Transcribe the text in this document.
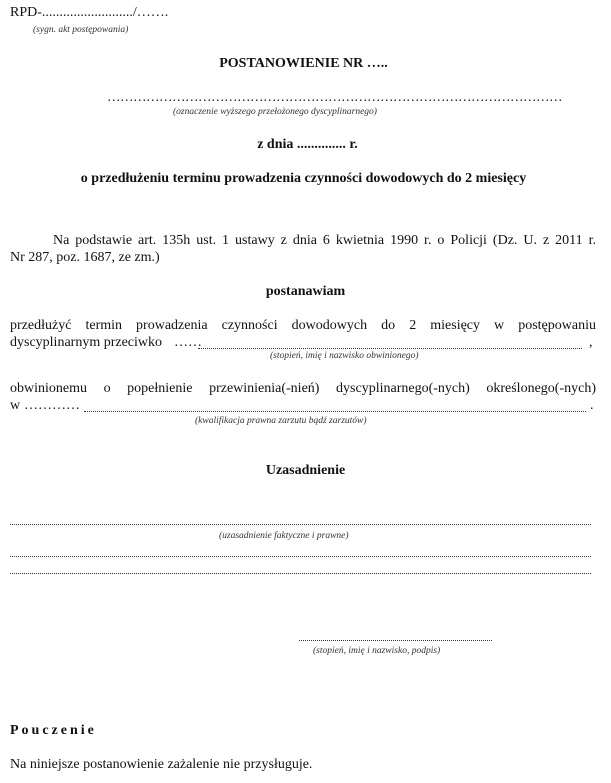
RPD-........................../…….
(sygn. akt postępowania)
POSTANOWIENIE NR …..
……………………………………………………………………………………………
(oznaczenie wyższego przełożonego dyscyplinarnego)
z dnia .............. r.
o przedłużeniu terminu prowadzenia czynności dowodowych do 2 miesięcy
Na podstawie art. 135h ust. 1 ustawy z dnia 6 kwietnia 1990 r. o Policji (Dz. U. z 2011 r.
Nr 287, poz. 1687, ze zm.)
postanawiam
przedłużyć termin prowadzenia czynności dowodowych do 2 miesięcy w postępowaniu
dyscyplinarnym przeciwko ……	,
(stopień, imię i nazwisko obwinionego)
obwinionemu o popełnienie przewinienia(-nień) dyscyplinarnego(-nych) określonego(-nych)
w …………	.
(kwalifikacja prawna zarzutu bądź zarzutów)
Uzasadnienie
(uzasadnienie faktyczne i prawne)
(stopień, imię i nazwisko, podpis)
Pouczenie
Na niniejsze postanowienie zażalenie nie przysługuje.
